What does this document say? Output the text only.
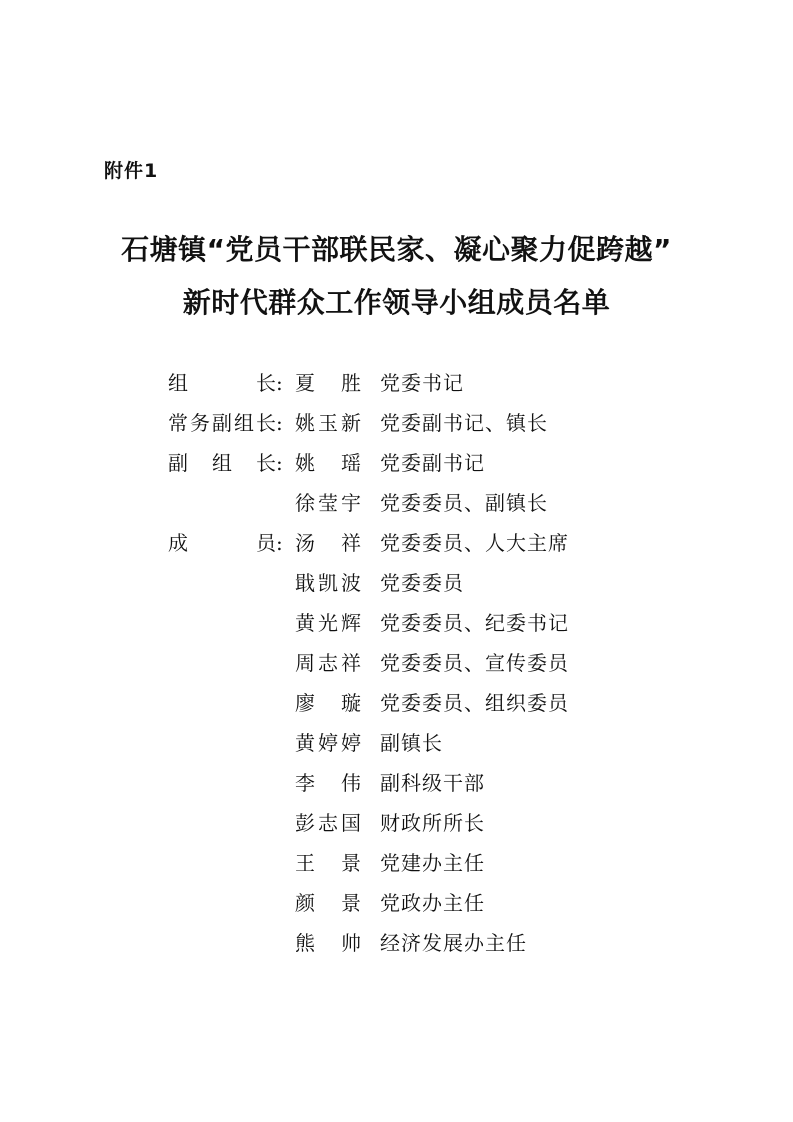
附件1
石塘镇“党员干部联民家、凝心聚力促跨越”
新时代群众工作领导小组成员名单
组长: 夏胜 党委书记
常务副组长: 姚玉新 党委副书记、镇长
副组长: 姚瑶 党委副书记
徐莹宇 党委委员、副镇长
成员: 汤祥 党委委员、人大主席
戢凯波 党委委员
黄光辉 党委委员、纪委书记
周志祥 党委委员、宣传委员
廖璇 党委委员、组织委员
黄婷婷 副镇长
李伟 副科级干部
彭志国 财政所所长
王景 党建办主任
颜景 党政办主任
熊帅 经济发展办主任
